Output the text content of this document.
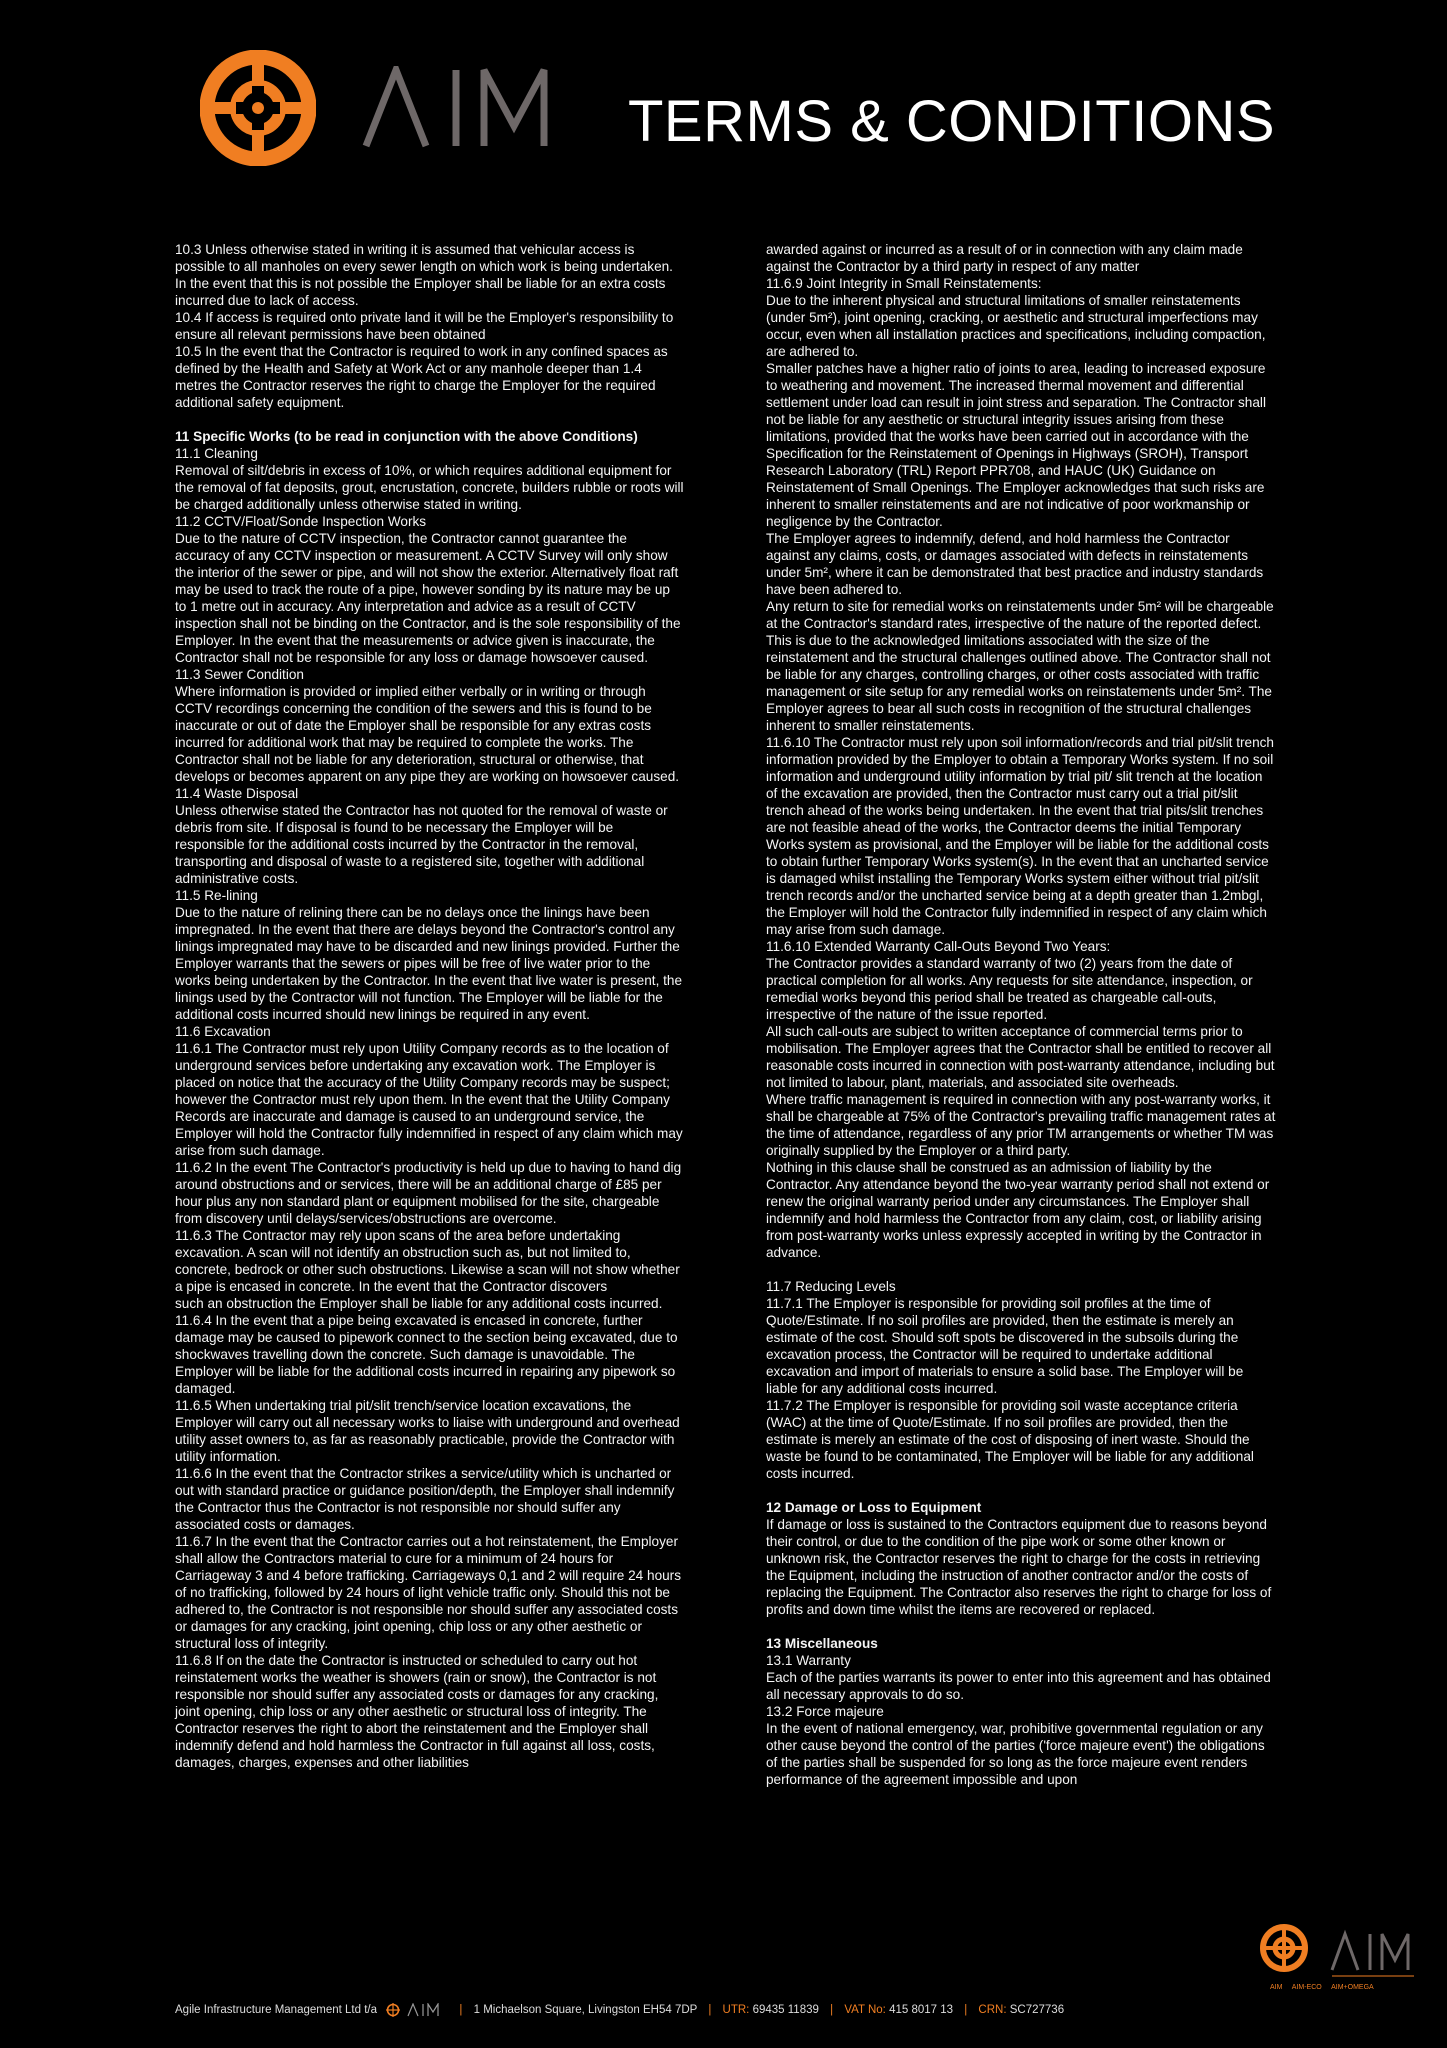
TERMS & CONDITIONS

10.3 Unless otherwise stated in writing it is assumed that vehicular access is possible to all manholes on every sewer length on which work is being undertaken. In the event that this is not possible the Employer shall be liable for an extra costs incurred due to lack of access.

10.4 If access is required onto private land it will be the Employer's responsibility to ensure all relevant permissions have been obtained

10.5 In the event that the Contractor is required to work in any confined spaces as defined by the Health and Safety at Work Act or any manhole deeper than 1.4 metres the Contractor reserves the right to charge the Employer for the required additional safety equipment.

11 Specific Works (to be read in conjunction with the above Conditions)

11.1 Cleaning

Removal of silt/debris in excess of 10%, or which requires additional equipment for the removal of fat deposits, grout, encrustation, concrete, builders rubble or roots will be charged additionally unless otherwise stated in writing.

11.2 CCTV/Float/Sonde Inspection Works

Due to the nature of CCTV inspection, the Contractor cannot guarantee the accuracy of any CCTV inspection or measurement. A CCTV Survey will only show the interior of the sewer or pipe, and will not show the exterior. Alternatively float raft may be used to track the route of a pipe, however sonding by its nature may be up to 1 metre out in accuracy. Any interpretation and advice as a result of CCTV inspection shall not be binding on the Contractor, and is the sole responsibility of the Employer. In the event that the measurements or advice given is inaccurate, the Contractor shall not be responsible for any loss or damage howsoever caused.

11.3 Sewer Condition

Where information is provided or implied either verbally or in writing or through CCTV recordings concerning the condition of the sewers and this is found to be inaccurate or out of date the Employer shall be responsible for any extras costs incurred for additional work that may be required to complete the works. The Contractor shall not be liable for any deterioration, structural or otherwise, that develops or becomes apparent on any pipe they are working on howsoever caused.

11.4 Waste Disposal

Unless otherwise stated the Contractor has not quoted for the removal of waste or debris from site. If disposal is found to be necessary the Employer will be responsible for the additional costs incurred by the Contractor in the removal, transporting and disposal of waste to a registered site, together with additional administrative costs.

11.5 Re-lining

Due to the nature of relining there can be no delays once the linings have been impregnated. In the event that there are delays beyond the Contractor's control any linings impregnated may have to be discarded and new linings provided. Further the Employer warrants that the sewers or pipes will be free of live water prior to the works being undertaken by the Contractor. In the event that live water is present, the linings used by the Contractor will not function. The Employer will be liable for the additional costs incurred should new linings be required in any event.

11.6 Excavation

11.6.1 The Contractor must rely upon Utility Company records as to the location of underground services before undertaking any excavation work. The Employer is placed on notice that the accuracy of the Utility Company records may be suspect; however the Contractor must rely upon them. In the event that the Utility Company Records are inaccurate and damage is caused to an underground service, the Employer will hold the Contractor fully indemnified in respect of any claim which may arise from such damage.

11.6.2 In the event The Contractor's productivity is held up due to having to hand dig around obstructions and or services, there will be an additional charge of £85 per hour plus any non standard plant or equipment mobilised for the site, chargeable from discovery until delays/services/obstructions are overcome.

11.6.3 The Contractor may rely upon scans of the area before undertaking excavation. A scan will not identify an obstruction such as, but not limited to, concrete, bedrock or other such obstructions. Likewise a scan will not show whether a pipe is encased in concrete. In the event that the Contractor discovers

such an obstruction the Employer shall be liable for any additional costs incurred.

11.6.4 In the event that a pipe being excavated is encased in concrete, further damage may be caused to pipework connect to the section being excavated, due to shockwaves travelling down the concrete. Such damage is unavoidable. The Employer will be liable for the additional costs incurred in repairing any pipework so damaged.

11.6.5 When undertaking trial pit/slit trench/service location excavations, the Employer will carry out all necessary works to liaise with underground and overhead utility asset owners to, as far as reasonably practicable, provide the Contractor with utility information.

11.6.6 In the event that the Contractor strikes a service/utility which is uncharted or out with standard practice or guidance position/depth, the Employer shall indemnify the Contractor thus the Contractor is not responsible nor should suffer any associated costs or damages.

11.6.7 In the event that the Contractor carries out a hot reinstatement, the Employer shall allow the Contractors material to cure for a minimum of 24 hours for Carriageway 3 and 4 before trafficking. Carriageways 0,1 and 2 will require 24 hours of no trafficking, followed by 24 hours of light vehicle traffic only. Should this not be adhered to, the Contractor is not responsible nor should suffer any associated costs or damages for any cracking, joint opening, chip loss or any other aesthetic or structural loss of integrity.

11.6.8 If on the date the Contractor is instructed or scheduled to carry out hot reinstatement works the weather is showers (rain or snow), the Contractor is not responsible nor should suffer any associated costs or damages for any cracking, joint opening, chip loss or any other aesthetic or structural loss of integrity. The Contractor reserves the right to abort the reinstatement and the Employer shall indemnify defend and hold harmless the Contractor in full against all loss, costs, damages, charges, expenses and other liabilities

awarded against or incurred as a result of or in connection with any claim made against the Contractor by a third party in respect of any matter

11.6.9 Joint Integrity in Small Reinstatements:

Due to the inherent physical and structural limitations of smaller reinstatements (under 5m²), joint opening, cracking, or aesthetic and structural imperfections may occur, even when all installation practices and specifications, including compaction, are adhered to.

Smaller patches have a higher ratio of joints to area, leading to increased exposure to weathering and movement. The increased thermal movement and differential settlement under load can result in joint stress and separation. The Contractor shall not be liable for any aesthetic or structural integrity issues arising from these limitations, provided that the works have been carried out in accordance with the Specification for the Reinstatement of Openings in Highways (SROH), Transport Research Laboratory (TRL) Report PPR708, and HAUC (UK) Guidance on Reinstatement of Small Openings. The Employer acknowledges that such risks are inherent to smaller reinstatements and are not indicative of poor workmanship or negligence by the Contractor.

The Employer agrees to indemnify, defend, and hold harmless the Contractor against any claims, costs, or damages associated with defects in reinstatements under 5m², where it can be demonstrated that best practice and industry standards have been adhered to.

Any return to site for remedial works on reinstatements under 5m² will be chargeable at the Contractor's standard rates, irrespective of the nature of the reported defect. This is due to the acknowledged limitations associated with the size of the reinstatement and the structural challenges outlined above. The Contractor shall not be liable for any charges, controlling charges, or other costs associated with traffic management or site setup for any remedial works on reinstatements under 5m². The Employer agrees to bear all such costs in recognition of the structural challenges inherent to smaller reinstatements.

11.6.10 The Contractor must rely upon soil information/records and trial pit/slit trench information provided by the Employer to obtain a Temporary Works system. If no soil information and underground utility information by trial pit/ slit trench at the location of the excavation are provided, then the Contractor must carry out a trial pit/slit trench ahead of the works being undertaken. In the event that trial pits/slit trenches are not feasible ahead of the works, the Contractor deems the initial Temporary Works system as provisional, and the Employer will be liable for the additional costs to obtain further Temporary Works system(s). In the event that an uncharted service is damaged whilst installing the Temporary Works system either without trial pit/slit trench records and/or the uncharted service being at a depth greater than 1.2mbgl, the Employer will hold the Contractor fully indemnified in respect of any claim which may arise from such damage.

11.6.10 Extended Warranty Call-Outs Beyond Two Years:

The Contractor provides a standard warranty of two (2) years from the date of practical completion for all works. Any requests for site attendance, inspection, or remedial works beyond this period shall be treated as chargeable call-outs, irrespective of the nature of the issue reported.

All such call-outs are subject to written acceptance of commercial terms prior to mobilisation. The Employer agrees that the Contractor shall be entitled to recover all reasonable costs incurred in connection with post-warranty attendance, including but not limited to labour, plant, materials, and associated site overheads.

Where traffic management is required in connection with any post-warranty works, it shall be chargeable at 75% of the Contractor's prevailing traffic management rates at the time of attendance, regardless of any prior TM arrangements or whether TM was originally supplied by the Employer or a third party.

Nothing in this clause shall be construed as an admission of liability by the Contractor. Any attendance beyond the two-year warranty period shall not extend or renew the original warranty period under any circumstances. The Employer shall indemnify and hold harmless the Contractor from any claim, cost, or liability arising from post-warranty works unless expressly accepted in writing by the Contractor in advance.

11.7 Reducing Levels

11.7.1 The Employer is responsible for providing soil profiles at the time of Quote/Estimate. If no soil profiles are provided, then the estimate is merely an estimate of the cost. Should soft spots be discovered in the subsoils during the excavation process, the Contractor will be required to undertake additional excavation and import of materials to ensure a solid base. The Employer will be liable for any additional costs incurred.

11.7.2 The Employer is responsible for providing soil waste acceptance criteria (WAC) at the time of Quote/Estimate. If no soil profiles are provided, then the estimate is merely an estimate of the cost of disposing of inert waste. Should the waste be found to be contaminated, The Employer will be liable for any additional costs incurred.

12 Damage or Loss to Equipment

If damage or loss is sustained to the Contractors equipment due to reasons beyond their control, or due to the condition of the pipe work or some other known or unknown risk, the Contractor reserves the right to charge for the costs in retrieving the Equipment, including the instruction of another contractor and/or the costs of replacing the Equipment. The Contractor also reserves the right to charge for loss of profits and down time whilst the items are recovered or replaced.

13 Miscellaneous

13.1 Warranty

Each of the parties warrants its power to enter into this agreement and has obtained all necessary approvals to do so.

13.2 Force majeure

In the event of national emergency, war, prohibitive governmental regulation or any other cause beyond the control of the parties ('force majeure event') the obligations of the parties shall be suspended for so long as the force majeure event renders performance of the agreement impossible and upon

AIM AIM-ECO AIM+OMEGA
Agile Infrastructure Management Ltd t/a	| 1 Michaelson Square, Livingston EH54 7DP | UTR: 69435 11839 | VAT No: 415 8017 13 | CRN: SC727736
